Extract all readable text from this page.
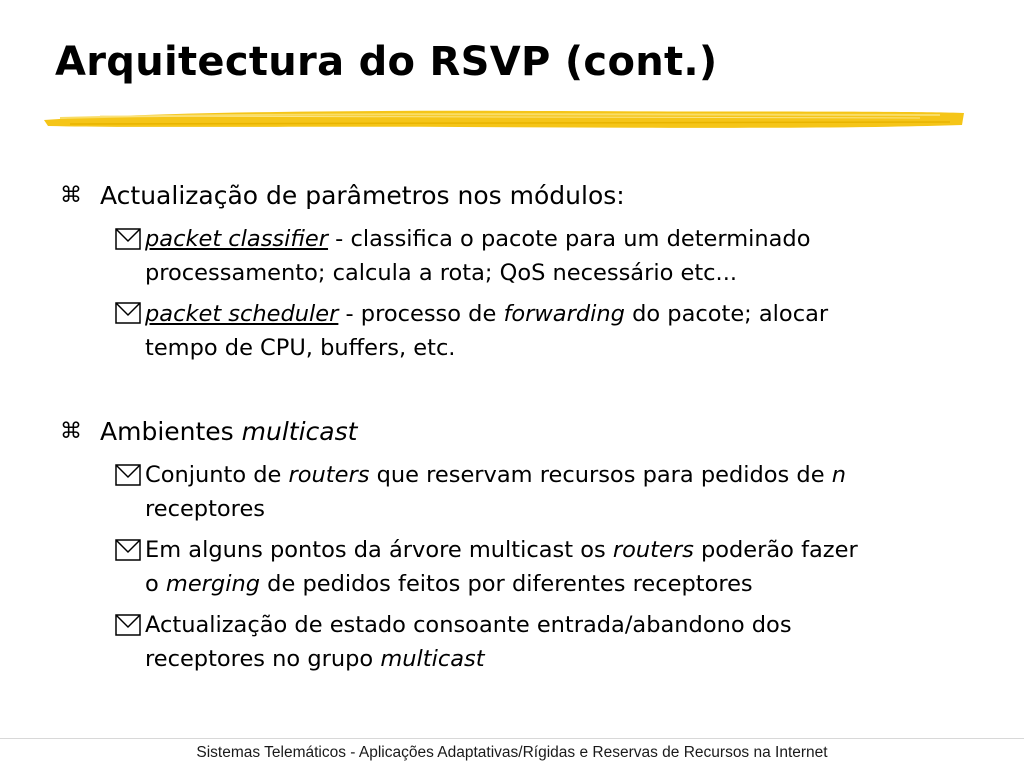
Arquitectura do RSVP (cont.)
⌘ Actualização de parâmetros nos módulos:
packet classifier - classifica o pacote para um determinado
processamento; calcula a rota; QoS necessário etc...
packet scheduler - processo de forwarding do pacote; alocar
tempo de CPU, buffers, etc.
⌘ Ambientes multicast
Conjunto de routers que reservam recursos para pedidos de n
receptores
Em alguns pontos da árvore multicast os routers poderão fazer
o merging de pedidos feitos por diferentes receptores
Actualização de estado consoante entrada/abandono dos
receptores no grupo multicast
Sistemas Telemáticos - Aplicações Adaptativas/Rígidas e Reservas de Recursos na Internet
